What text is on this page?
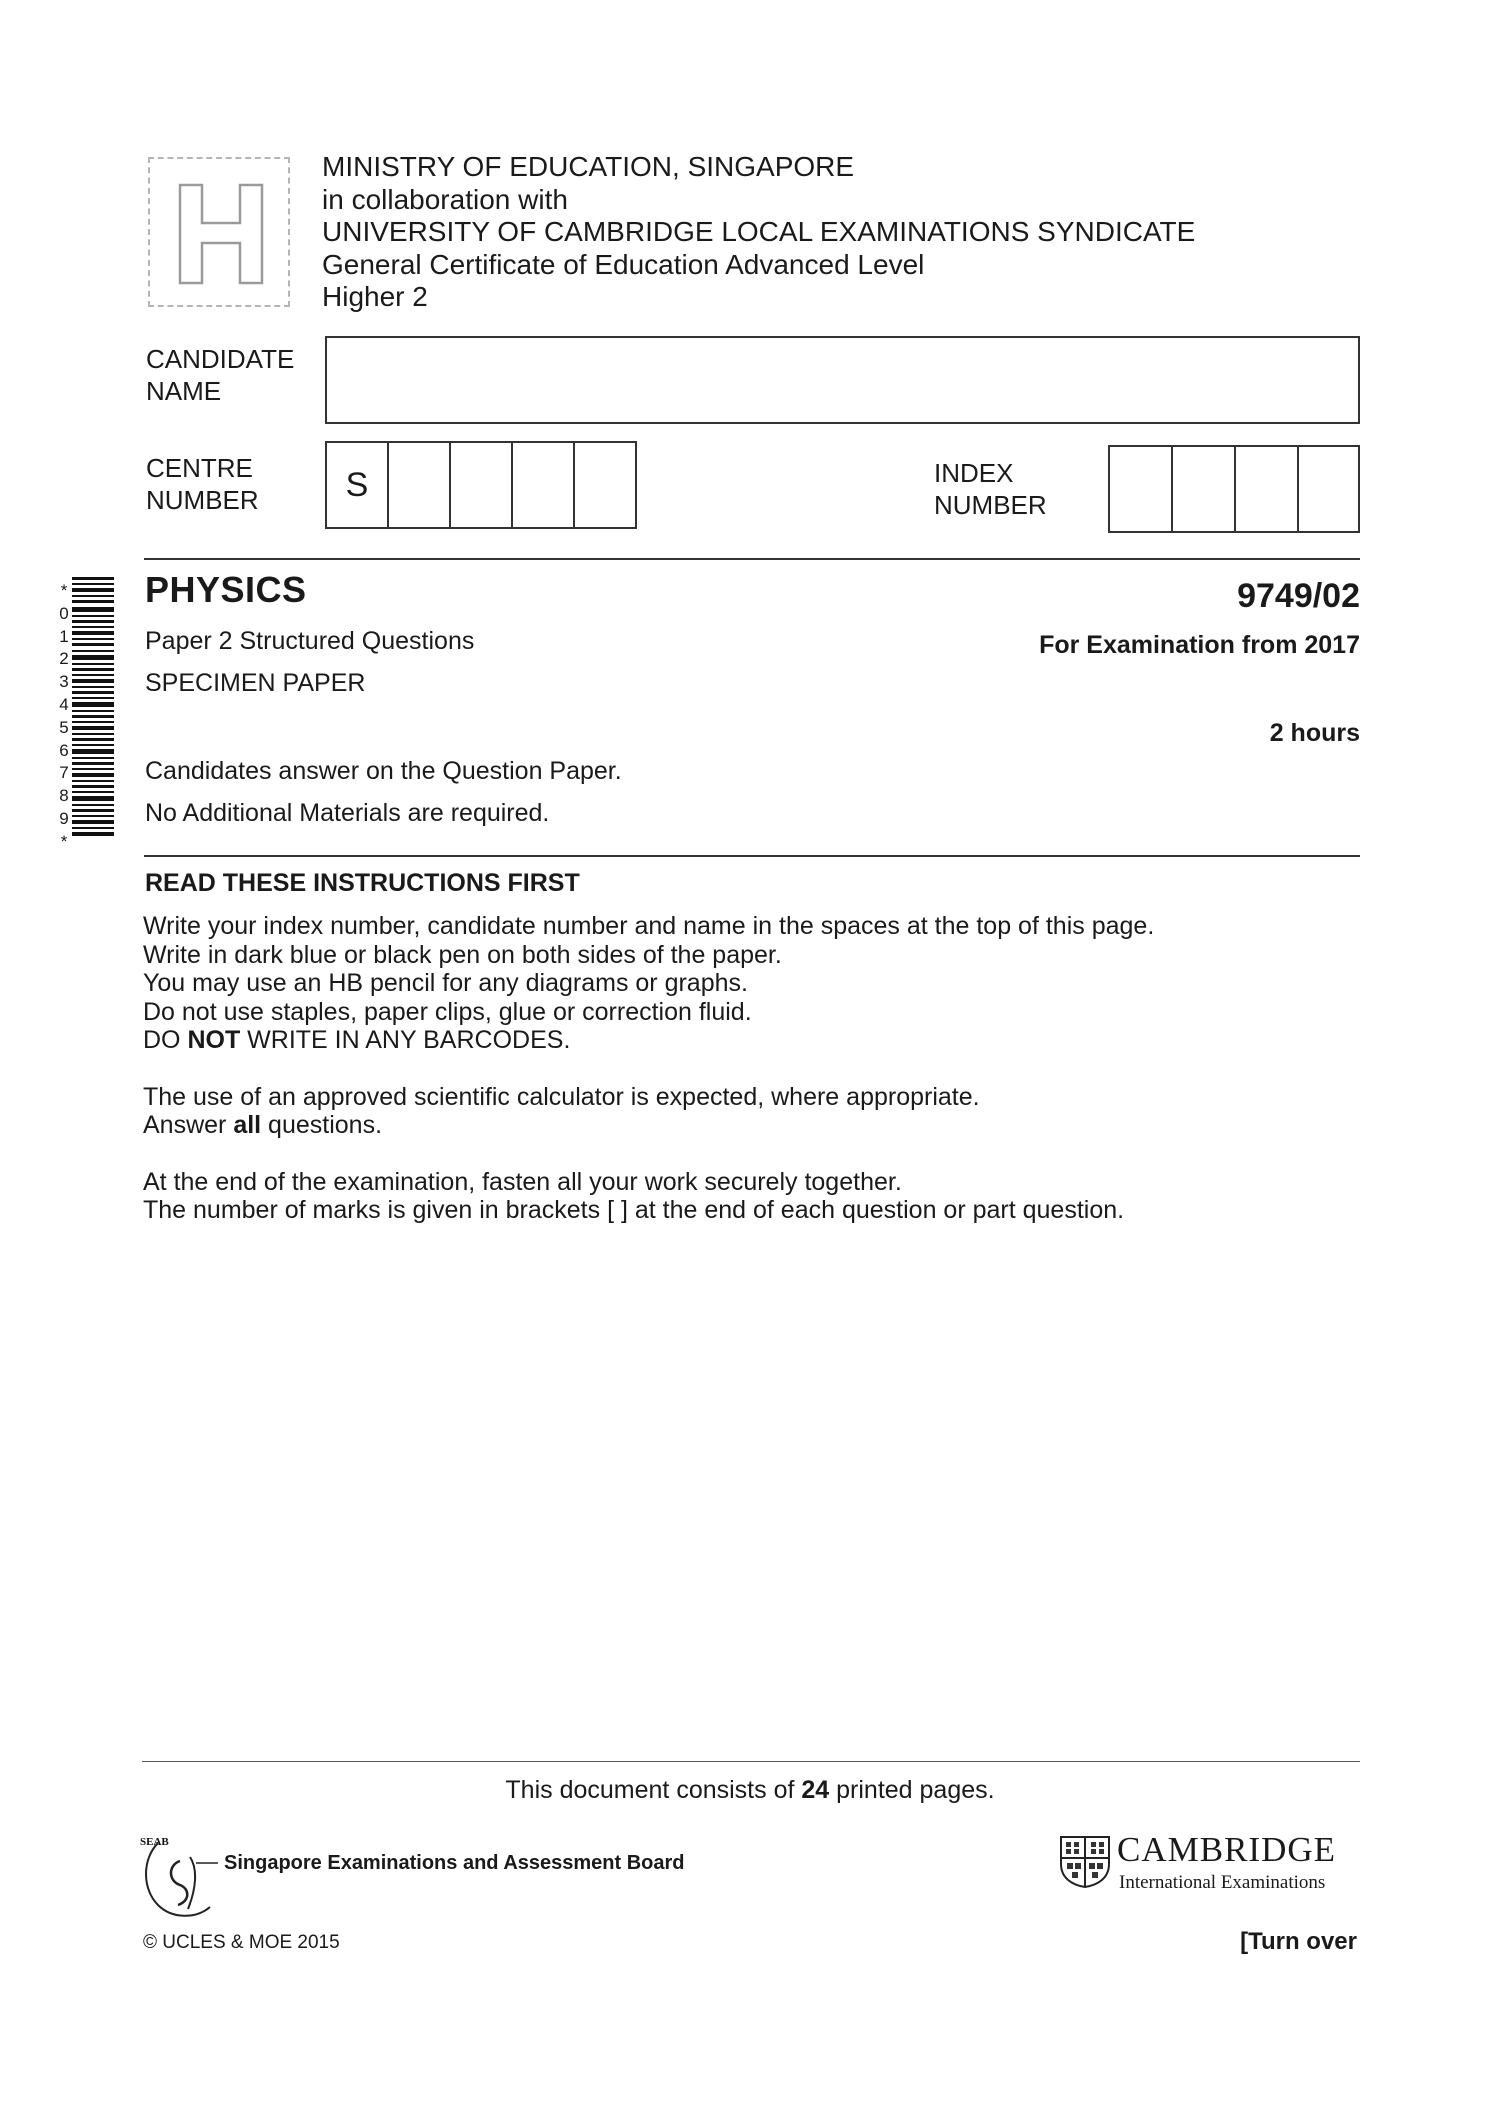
MINISTRY OF EDUCATION, SINGAPORE
in collaboration with
UNIVERSITY OF CAMBRIDGE LOCAL EXAMINATIONS SYNDICATE
General Certificate of Education Advanced Level
Higher 2
CANDIDATE
NAME
CENTRE
NUMBER	S	INDEX
NUMBER
*
0
1
2
3
4
5
6
7
8
9
*
PHYSICS	9749/02
Paper 2 Structured Questions	For Examination from 2017
SPECIMEN PAPER
2 hours
Candidates answer on the Question Paper.
No Additional Materials are required.
READ THESE INSTRUCTIONS FIRST
Write your index number, candidate number and name in the spaces at the top of this page.
Write in dark blue or black pen on both sides of the paper.
You may use an HB pencil for any diagrams or graphs.
Do not use staples, paper clips, glue or correction fluid.
DO NOT WRITE IN ANY BARCODES.
The use of an approved scientific calculator is expected, where appropriate.
Answer all questions.
At the end of the examination, fasten all your work securely together.
The number of marks is given in brackets [ ] at the end of each question or part question.
This document consists of 24 printed pages.
SEAB
Singapore Examinations and Assessment Board	CAMBRIDGE
International Examinations
© UCLES & MOE 2015	[Turn over
